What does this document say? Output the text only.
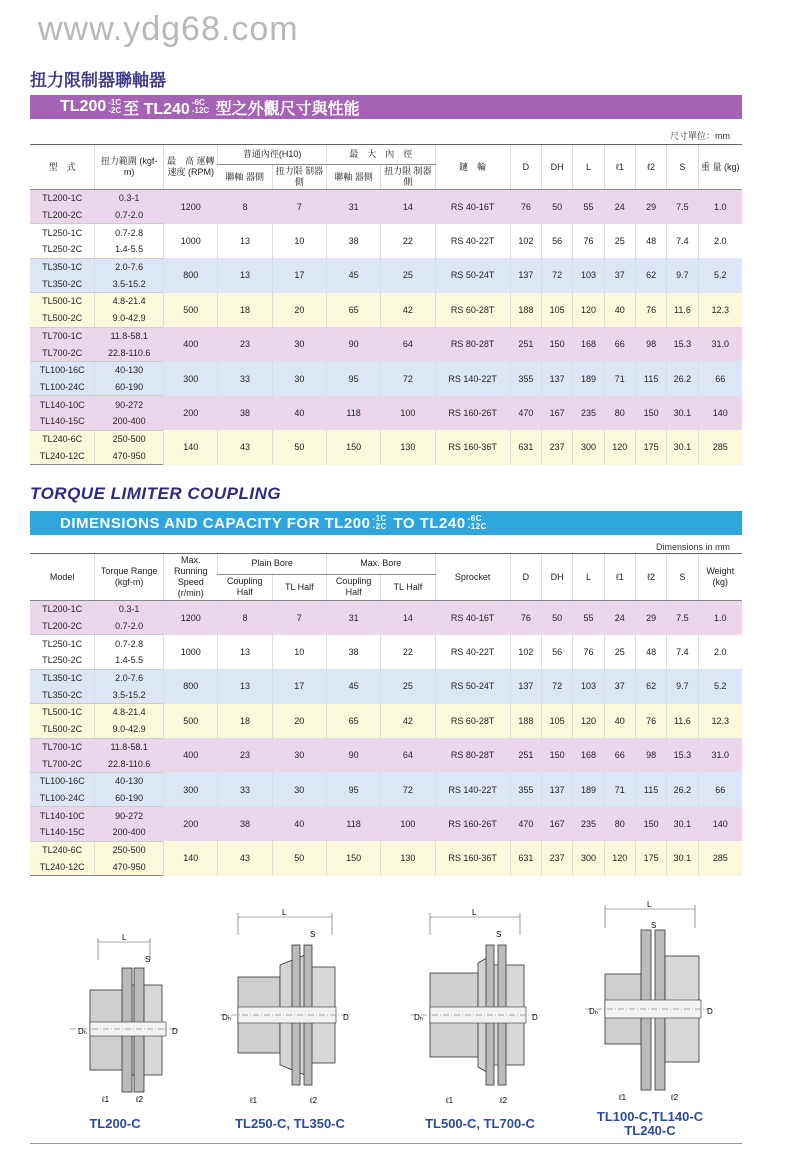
www.ydg68.com
扭力限制器聯軸器
TL200 -1C
-2C 至 TL240 -6C
-12C 型之外觀尺寸與性能
尺寸單位：mm
型　式	扭力範圍 (kgf-m)	最　高 運轉速度 (RPM)	普通內徑(H10)		最　大　內　徑		鏈　輪	D	DH	L	ℓ1	ℓ2	S	重 量 (kg)
			聯軸 器側	扭力限 制器側	聯軸 器側	扭力限 制器側								
TL200-1C	0.3-1	1200	8	7	31	14	RS 40-16T	76	50	55	24	29	7.5	1.0
TL200-2C	0.7-2.0													
TL250-1C	0.7-2.8	1000	13	10	38	22	RS 40-22T	102	56	76	25	48	7.4	2.0
TL250-2C	1.4-5.5													
TL350-1C	2.0-7.6	800	13	17	45	25	RS 50-24T	137	72	103	37	62	9.7	5.2
TL350-2C	3.5-15.2													
TL500-1C	4.8-21.4	500	18	20	65	42	RS 60-28T	188	105	120	40	76	11.6	12.3
TL500-2C	9.0-42.9													
TL700-1C	11.8-58.1	400	23	30	90	64	RS 80-28T	251	150	168	66	98	15.3	31.0
TL700-2C	22.8-110.6													
TL100-16C	40-130	300	33	30	95	72	RS 140-22T	355	137	189	71	115	26.2	66
TL100-24C	60-190													
TL140-10C	90-272	200	38	40	118	100	RS 160-26T	470	167	235	80	150	30.1	140
TL140-15C	200-400													
TL240-6C	250-500	140	43	50	150	130	RS 160-36T	631	237	300	120	175	30.1	285
TL240-12C	470-950													
TORQUE LIMITER COUPLING
DIMENSIONS AND CAPACITY FOR TL200 -1C
-2C TO TL240 -6C
-12C
Dimensions in mm
Model	Torque Range (kgf-m)	Max. Running Speed (r/min)	Plain Bore		Max. Bore		Sprocket	D	DH	L	ℓ1	ℓ2	S	Weight (kg)
			Coupling Half	TL Half	Coupling Half	TL Half								
TL200-1C	0.3-1	1200	8	7	31	14	RS 40-16T	76	50	55	24	29	7.5	1.0
TL200-2C	0.7-2.0													
TL250-1C	0.7-2.8	1000	13	10	38	22	RS 40-22T	102	56	76	25	48	7.4	2.0
TL250-2C	1.4-5.5													
TL350-1C	2.0-7.6	800	13	17	45	25	RS 50-24T	137	72	103	37	62	9.7	5.2
TL350-2C	3.5-15.2													
TL500-1C	4.8-21.4	500	18	20	65	42	RS 60-28T	188	105	120	40	76	11.6	12.3
TL500-2C	9.0-42.9													
TL700-1C	11.8-58.1	400	23	30	90	64	RS 80-28T	251	150	168	66	98	15.3	31.0
TL700-2C	22.8-110.6													
TL100-16C	40-130	300	33	30	95	72	RS 140-22T	355	137	189	71	115	26.2	66
TL100-24C	60-190													
TL140-10C	90-272	200	38	40	118	100	RS 160-26T	470	167	235	80	150	30.1	140
TL140-15C	200-400													
TL240-6C	250-500	140	43	50	150	130	RS 160-36T	631	237	300	120	175	30.1	285
TL240-12C	470-950													
L
S
Dₕ	D
ℓ1	ℓ2
TL200-C
L
S
Dₕ	D
ℓ1	ℓ2
TL250-C, TL350-C
L
S
Dₕ	D
ℓ1	ℓ2
TL500-C, TL700-C
L
S
Dₕ	D
ℓ1	ℓ2
TL100-C,TL140-C
TL240-C
